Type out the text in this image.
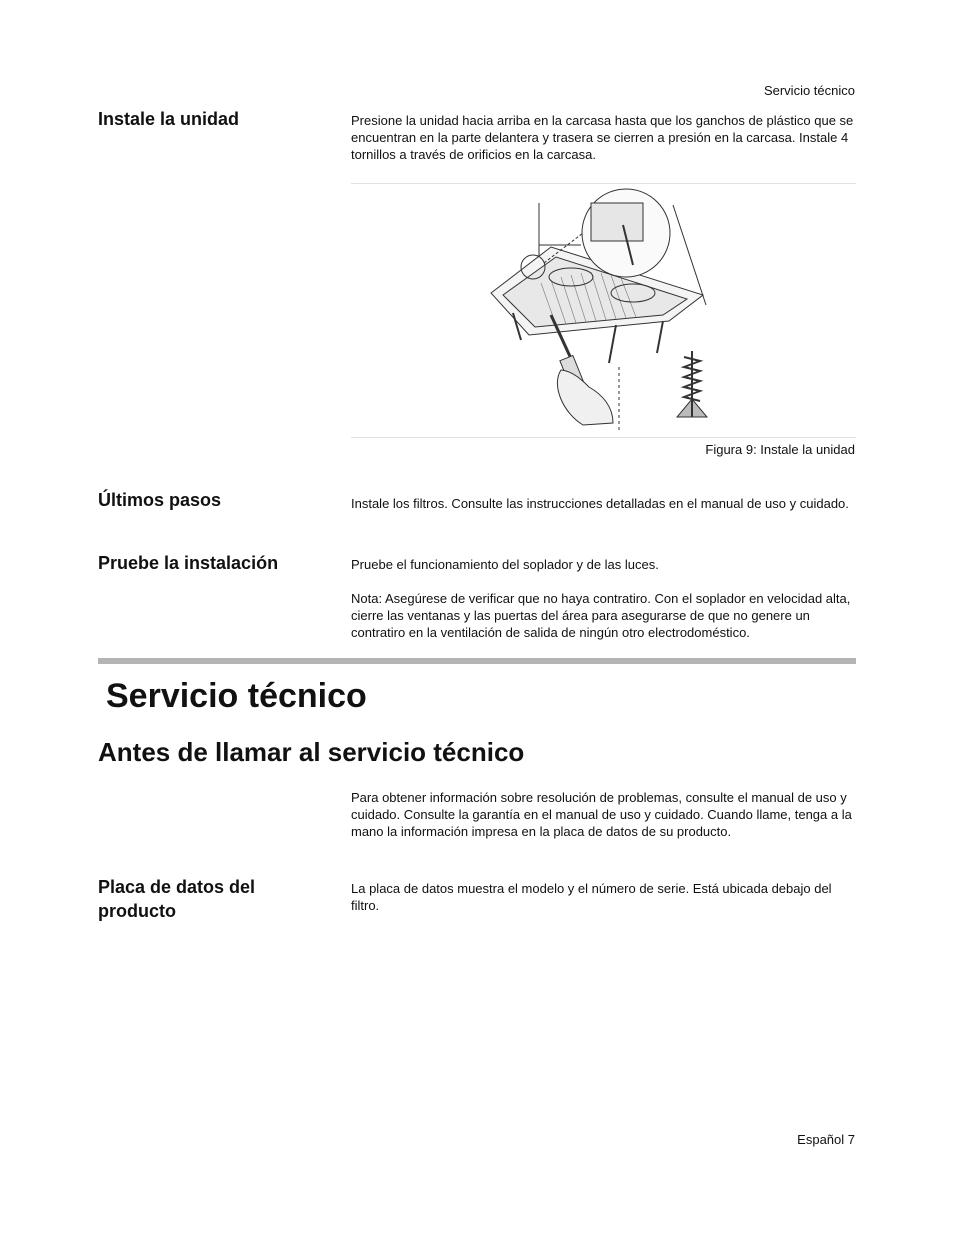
Servicio técnico
Instale la unidad	Presione la unidad hacia arriba en la carcasa hasta que los ganchos de plástico que se encuentran en la parte delantera y trasera se cierren a presión en la carcasa. Instale 4 tornillos a través de orificios en la carcasa.

Figura 9: Instale la unidad
Últimos pasos	Instale los filtros. Consulte las instrucciones detalladas en el manual de uso y cuidado.

Pruebe la instalación	Pruebe el funcionamiento del soplador y de las luces.

Nota: Asegúrese de verificar que no haya contratiro. Con el soplador en velocidad alta, cierre las ventanas y las puertas del área para asegurarse de que no genere un contratiro en la ventilación de salida de ningún otro electrodoméstico.

Servicio técnico
Antes de llamar al servicio técnico

Para obtener información sobre resolución de problemas, consulte el manual de uso y cuidado. Consulte la garantía en el manual de uso y cuidado. Cuando llame, tenga a la mano la información impresa en la placa de datos de su producto.

Placa de datos del producto

La placa de datos muestra el modelo y el número de serie. Está ubicada debajo del filtro.

Español 7
